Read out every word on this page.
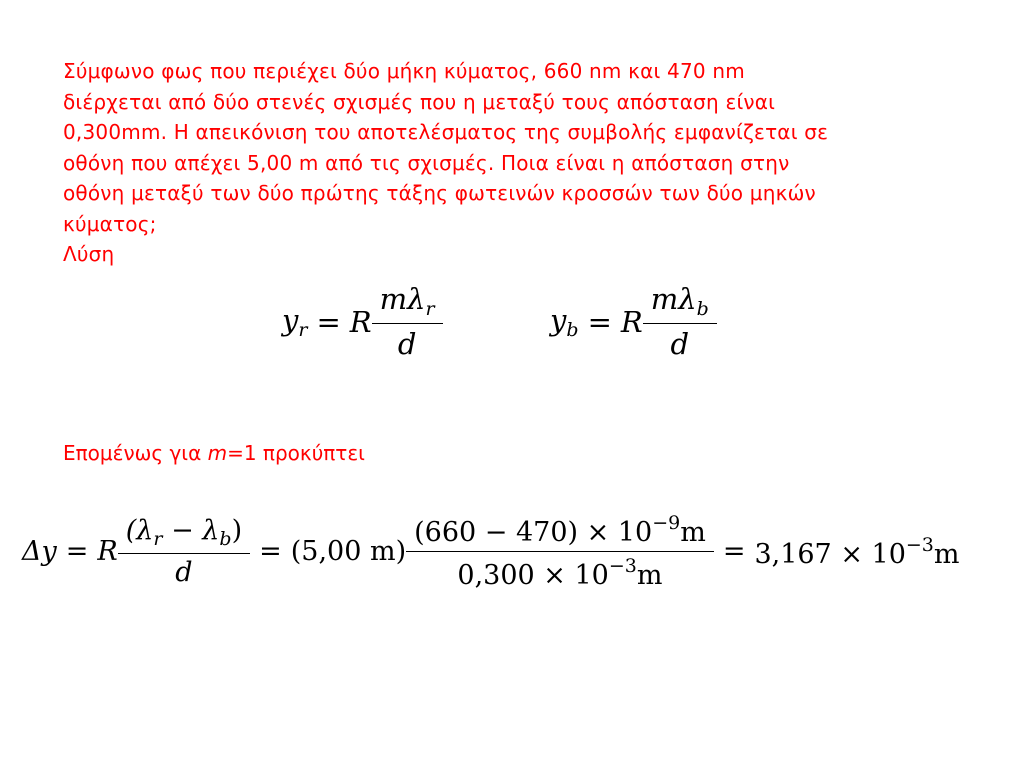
Σύμφωνο φως που περιέχει δύο μήκη κύματος, 660 nm και 470 nm
διέρχεται από δύο στενές σχισμές που η μεταξύ τους απόσταση είναι
0,300mm. Η απεικόνιση του αποτελέσματος της συμβολής εμφανίζεται σε
οθόνη που απέχει 5,00 m από τις σχισμές. Ποια είναι η απόσταση στην
οθόνη μεταξύ των δύο πρώτης τάξης φωτεινών κροσσών των δύο μηκών
κύματος;
Λύση
$y_r = R \frac{m\lambda_r}{d}$	$y_b = R \frac{m\lambda_b}{d}$
Επομένως για m=1 προκύπτει
Δy = R $\frac{(\lambda_r - \lambda_b)}{d} = (5,00$ $m) \frac{(660 - 470) \times 10^{-9}m}{0,300 \times 10^{-3}m} = 3,167 \times 10^{-3}m$
